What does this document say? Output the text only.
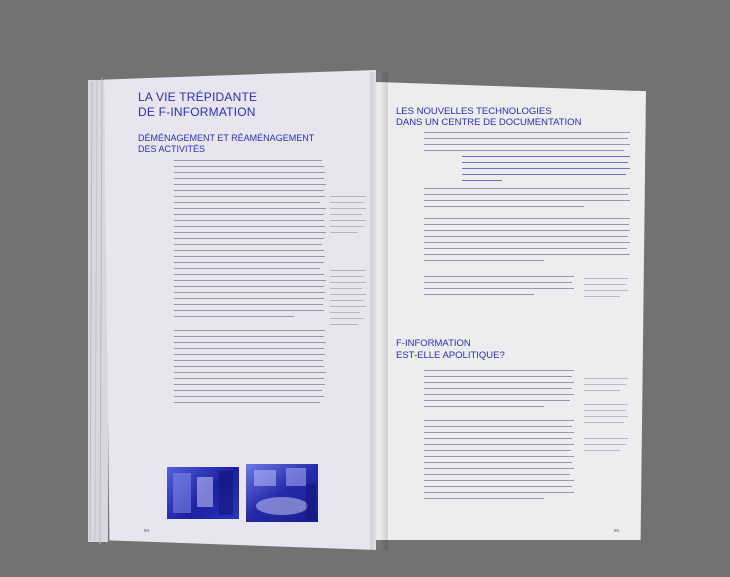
LA VIE TRÉPIDANTE
DE F-INFORMATION
DÉMÉNAGEMENT ET RÉAMÉNAGEMENT
DES ACTIVITÉS
94
LES NOUVELLES TECHNOLOGIES
DANS UN CENTRE DE DOCUMENTATION
F-INFORMATION
EST-ELLE APOLITIQUE?
95
